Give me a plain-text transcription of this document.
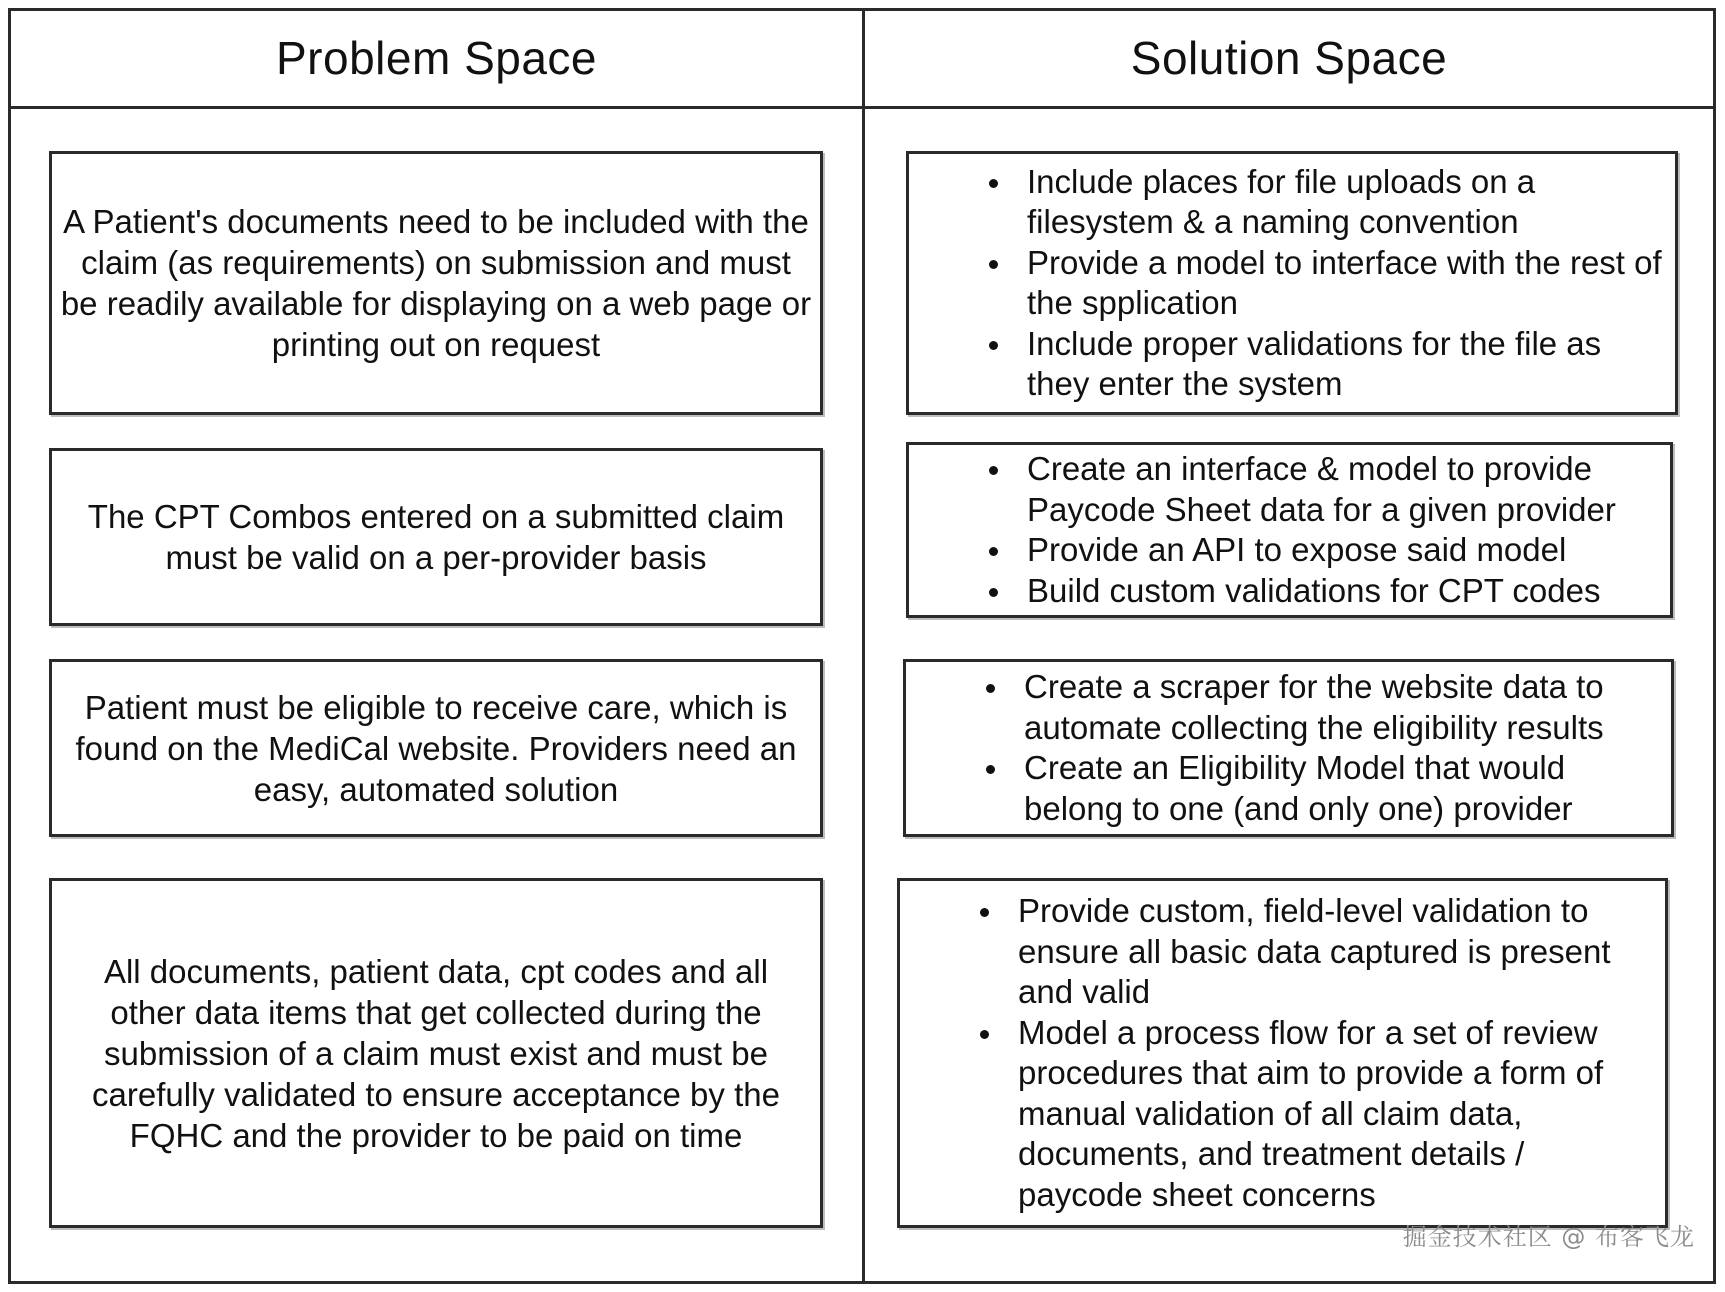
Problem Space	Solution Space
A Patient's documents need to be included with the claim (as requirements) on submission and must be readily available for displaying on a web page or printing out on request
The CPT Combos entered on a submitted claim must be valid on a per-provider basis
Patient must be eligible to receive care, which is found on the MediCal website. Providers need an easy, automated solution
All documents, patient data, cpt codes and all other data items that get collected during the submission of a claim must exist and must be carefully validated to ensure acceptance by the FQHC and the provider to be paid on time
Include places for file uploads on a filesystem & a naming convention
Provide a model to interface with the rest of the spplication
Include proper validations for the file as they enter the system
Create an interface & model to provide Paycode Sheet data for a given provider
Provide an API to expose said model
Build custom validations for CPT codes
Create a scraper for the website data to automate collecting the eligibility results
Create an Eligibility Model that would belong to one (and only one) provider
Provide custom, field-level validation to ensure all basic data captured is present and valid
Model a process flow for a set of review procedures that aim to provide a form of manual validation of all claim data, documents, and treatment details / paycode sheet concerns
掘金技术社区 @ 布客飞龙
